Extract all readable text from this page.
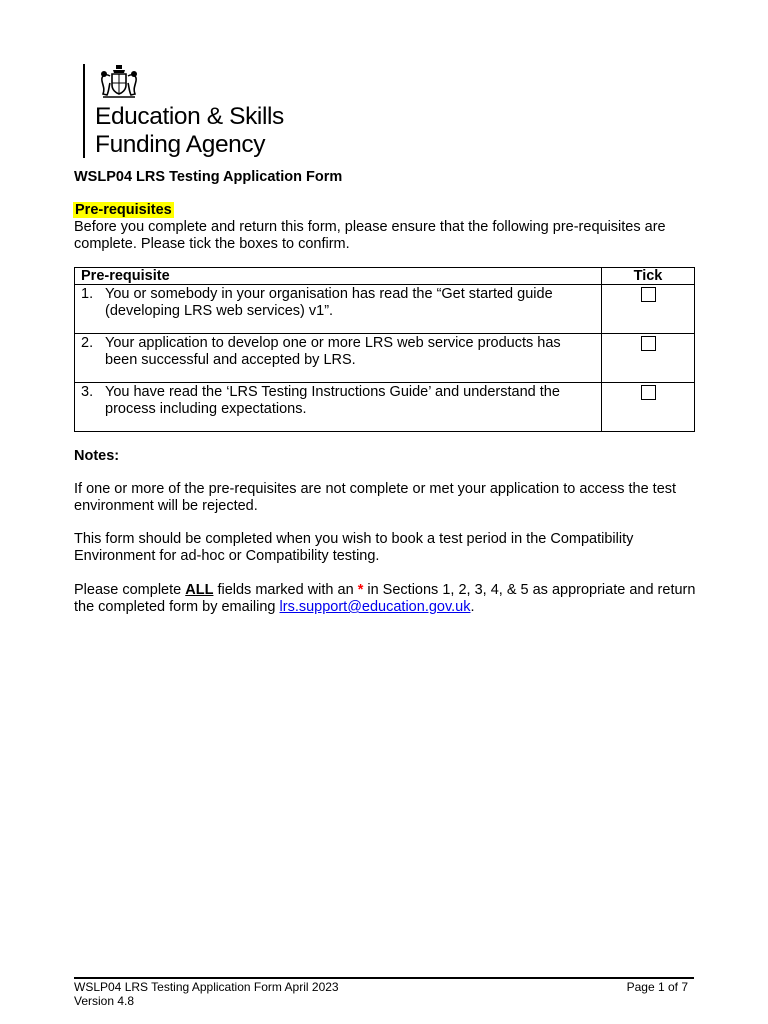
Education & Skills
Funding Agency
WSLP04 LRS Testing Application Form
Pre-requisites
Before you complete and return this form, please ensure that the following pre-requisites are complete. Please tick the boxes to confirm.
Pre-requisite	Tick

1. You or somebody in your organisation has read the “Get started guide (developing LRS web services) v1”.	

2. Your application to develop one or more LRS web service products has been successful and accepted by LRS.	

3. You have read the ‘LRS Testing Instructions Guide’ and understand the process including expectations.	

Notes:
If one or more of the pre-requisites are not complete or met your application to access the test environment will be rejected.
This form should be completed when you wish to book a test period in the Compatibility Environment for ad-hoc or Compatibility testing.
Please complete ALL fields marked with an * in Sections 1, 2, 3, 4, & 5 as appropriate and return the completed form by emailing lrs.support@education.gov.uk.
WSLP04 LRS Testing Application Form April 2023
Version 4.8
Page 1 of 7
